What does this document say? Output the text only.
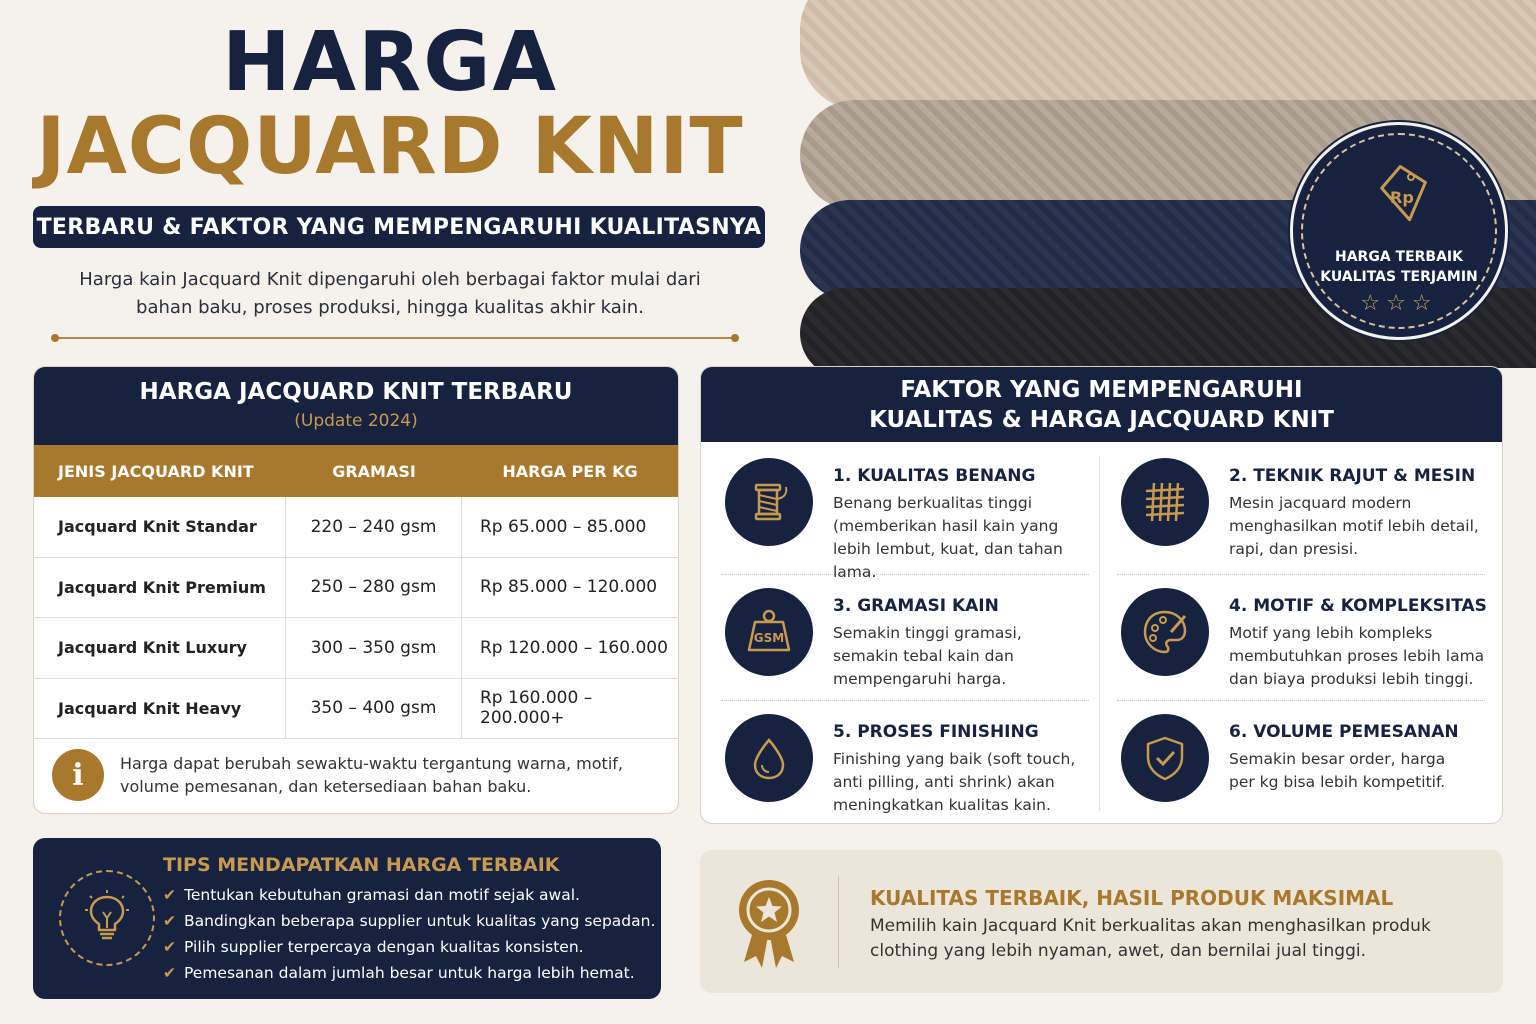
HARGA
JACQUARD KNIT
TERBARU & FAKTOR YANG MEMPENGARUHI KUALITASNYA
Harga kain Jacquard Knit dipengaruhi oleh berbagai faktor mulai dari
bahan baku, proses produksi, hingga kualitas akhir kain.
Rp
HARGA TERBAIK
KUALITAS TERJAMIN
☆☆☆
HARGA JACQUARD KNIT TERBARU
(Update 2024)
JENIS JACQUARD KNIT	GRAMASI	HARGA PER KG
Jacquard Knit Standar	220 – 240 gsm	Rp 65.000 – 85.000
Jacquard Knit Premium	250 – 280 gsm	Rp 85.000 – 120.000
Jacquard Knit Luxury	300 – 350 gsm	Rp 120.000 – 160.000
Jacquard Knit Heavy	350 – 400 gsm	Rp 160.000 – 200.000+
i	Harga dapat berubah sewaktu-waktu tergantung warna, motif,
volume pemesanan, dan ketersediaan bahan baku.
FAKTOR YANG MEMPENGARUHI
KUALITAS & HARGA JACQUARD KNIT
1. KUALITAS BENANG
Benang berkualitas tinggi
(memberikan hasil kain yang
lebih lembut, kuat, dan tahan lama.
2. TEKNIK RAJUT & MESIN
Mesin jacquard modern
menghasilkan motif lebih detail,
rapi, dan presisi.
GSM
3. GRAMASI KAIN
Semakin tinggi gramasi,
semakin tebal kain dan
mempengaruhi harga.
4. MOTIF & KOMPLEKSITAS
Motif yang lebih kompleks
membutuhkan proses lebih lama
dan biaya produksi lebih tinggi.
5. PROSES FINISHING
Finishing yang baik (soft touch,
anti pilling, anti shrink) akan
meningkatkan kualitas kain.
6. VOLUME PEMESANAN
Semakin besar order, harga
per kg bisa lebih kompetitif.
TIPS MENDAPATKAN HARGA TERBAIK
✔ Tentukan kebutuhan gramasi dan motif sejak awal.
✔ Bandingkan beberapa supplier untuk kualitas yang sepadan.
✔ Pilih supplier terpercaya dengan kualitas konsisten.
✔ Pemesanan dalam jumlah besar untuk harga lebih hemat.
KUALITAS TERBAIK, HASIL PRODUK MAKSIMAL
Memilih kain Jacquard Knit berkualitas akan menghasilkan produk
clothing yang lebih nyaman, awet, dan bernilai jual tinggi.
